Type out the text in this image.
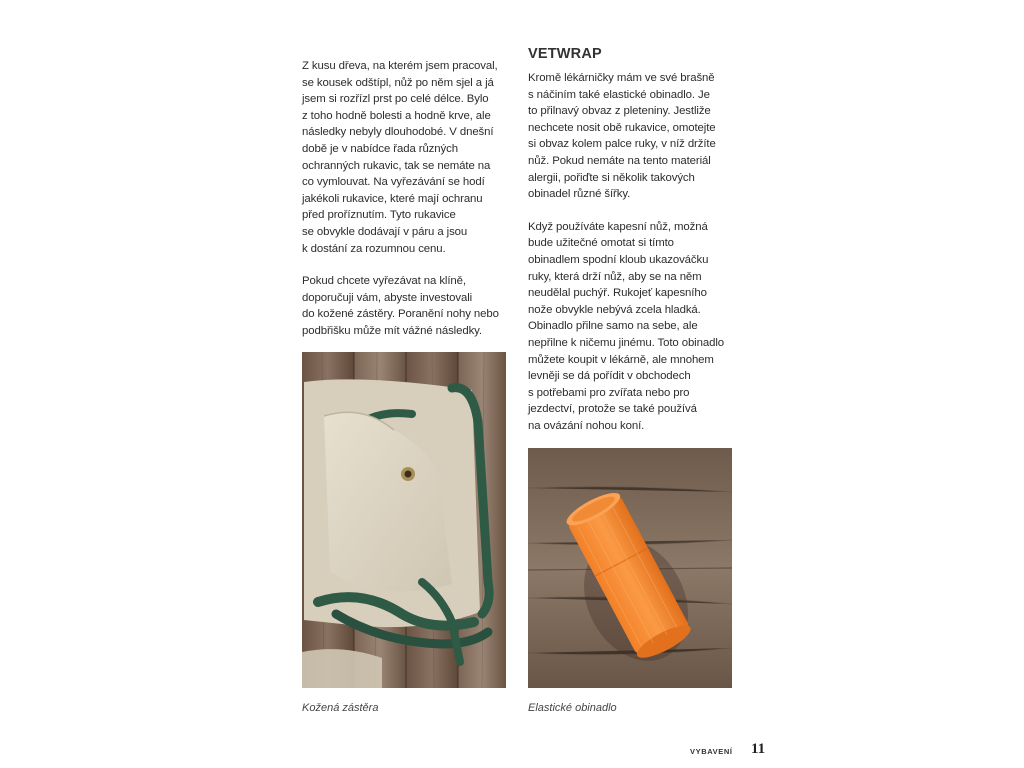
VETWRAP

Z kusu dřeva, na kterém jsem pracoval,
se kousek odštípl, nůž po něm sjel a já
jsem si rozřízl prst po celé délce. Bylo
z toho hodně bolesti a hodně krve, ale
následky nebyly dlouhodobé. V dnešní
době je v nabídce řada různých
ochranných rukavic, tak se nemáte na
co vymlouvat. Na vyřezávání se hodí
jakékoli rukavice, které mají ochranu
před proříznutím. Tyto rukavice
se obvykle dodávají v páru a jsou
k dostání za rozumnou cenu.

Pokud chcete vyřezávat na klíně,
doporučuji vám, abyste investovali
do kožené zástěry. Poranění nohy nebo
podbřišku může mít vážné následky.

Kromě lékárničky mám ve své brašně
s náčiním také elastické obinadlo. Je
to přilnavý obvaz z pleteniny. Jestliže
nechcete nosit obě rukavice, omotejte
si obvaz kolem palce ruky, v níž držíte
nůž. Pokud nemáte na tento materiál
alergii, pořiďte si několik takových
obinadel různé šířky.

Když používáte kapesní nůž, možná
bude užitečné omotat si tímto
obinadlem spodní kloub ukazováčku
ruky, která drží nůž, aby se na něm
neudělal puchýř. Rukojeť kapesního
nože obvykle nebývá zcela hladká.
Obinadlo přilne samo na sebe, ale
nepřilne k ničemu jinému. Toto obinadlo
můžete koupit v lékárně, ale mnohem
levněji se dá pořídit v obchodech
s potřebami pro zvířata nebo pro
jezdectví, protože se také používá
na ovázání nohou koní.

Kožená zástěra	Elastické obinadlo
VYBAVENÍ 11
